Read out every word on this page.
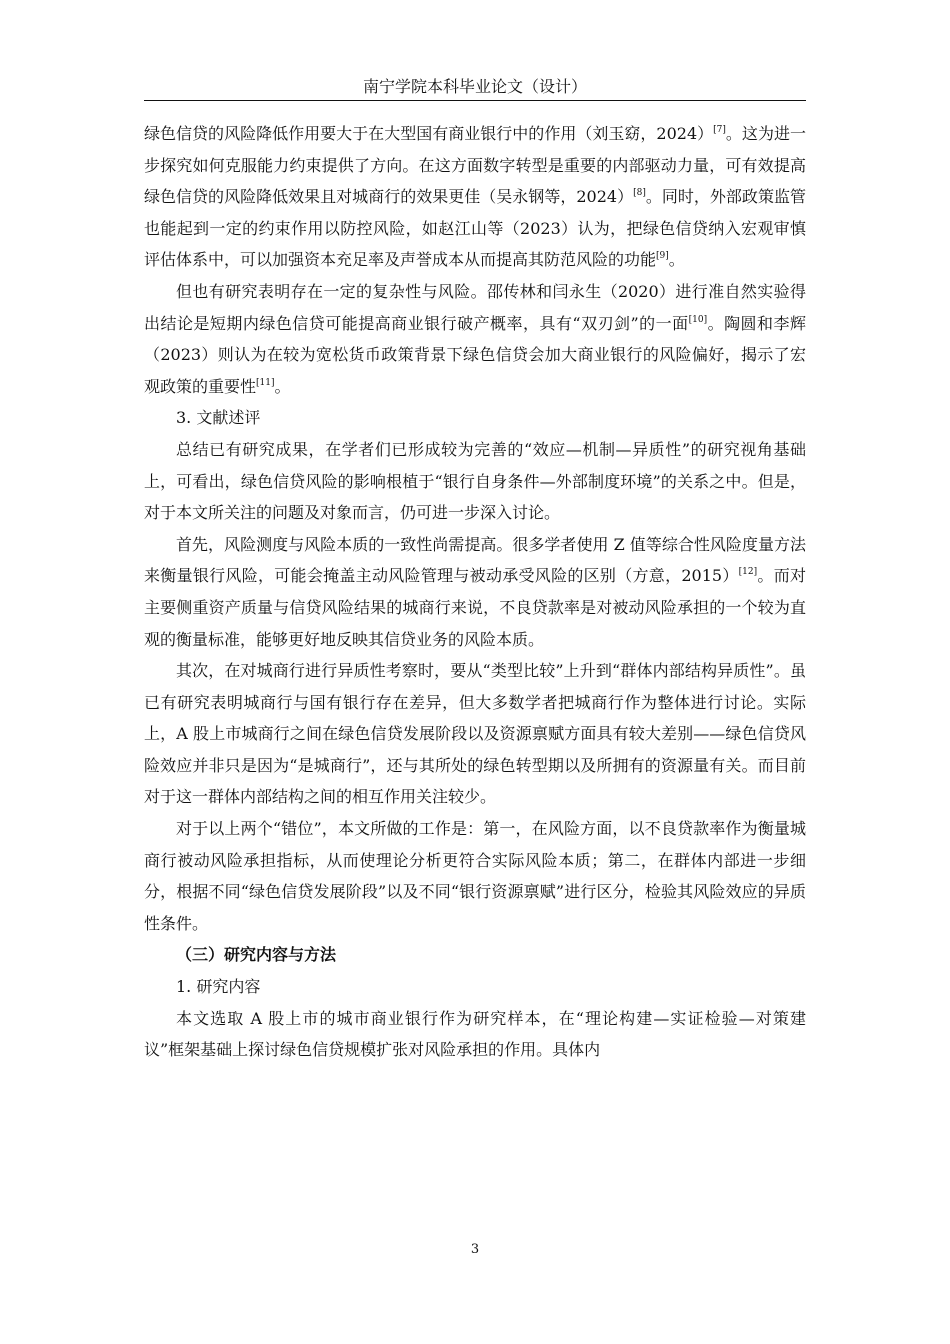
南宁学院本科毕业论文（设计）

绿色信贷的风险降低作用要大于在大型国有商业银行中的作用（刘玉窈，2024）[7]。这为进一步探究如何克服能力约束提供了方向。在这方面数字转型是重要的内部驱动力量，可有效提高绿色信贷的风险降低效果且对城商行的效果更佳（吴永钢等，2024）[8]。同时，外部政策监管也能起到一定的约束作用以防控风险，如赵江山等（2023）认为，把绿色信贷纳入宏观审慎评估体系中，可以加强资本充足率及声誉成本从而提高其防范风险的功能[9]。

但也有研究表明存在一定的复杂性与风险。邵传林和闫永生（2020）进行准自然实验得出结论是短期内绿色信贷可能提高商业银行破产概率，具有“双刃剑”的一面[10]。陶圆和李辉（2023）则认为在较为宽松货币政策背景下绿色信贷会加大商业银行的风险偏好，揭示了宏观政策的重要性[11]。

3. 文献述评

总结已有研究成果，在学者们已形成较为完善的“效应—机制—异质性”的研究视角基础上，可看出，绿色信贷风险的影响根植于“银行自身条件—外部制度环境”的关系之中。但是，对于本文所关注的问题及对象而言，仍可进一步深入讨论。

首先，风险测度与风险本质的一致性尚需提高。很多学者使用 Z 值等综合性风险度量方法来衡量银行风险，可能会掩盖主动风险管理与被动承受风险的区别（方意，2015）[12]。而对主要侧重资产质量与信贷风险结果的城商行来说，不良贷款率是对被动风险承担的一个较为直观的衡量标准，能够更好地反映其信贷业务的风险本质。

其次，在对城商行进行异质性考察时，要从“类型比较”上升到“群体内部结构异质性”。虽已有研究表明城商行与国有银行存在差异，但大多数学者把城商行作为整体进行讨论。实际上，A 股上市城商行之间在绿色信贷发展阶段以及资源禀赋方面具有较大差别——绿色信贷风险效应并非只是因为“是城商行”，还与其所处的绿色转型期以及所拥有的资源量有关。而目前对于这一群体内部结构之间的相互作用关注较少。

对于以上两个“错位”，本文所做的工作是：第一，在风险方面，以不良贷款率作为衡量城商行被动风险承担指标，从而使理论分析更符合实际风险本质；第二，在群体内部进一步细分，根据不同“绿色信贷发展阶段”以及不同“银行资源禀赋”进行区分，检验其风险效应的异质性条件。

（三）研究内容与方法

1. 研究内容

本文选取 A 股上市的城市商业银行作为研究样本，在“理论构建—实证检验—对策建议”框架基础上探讨绿色信贷规模扩张对风险承担的作用。具体内

3
